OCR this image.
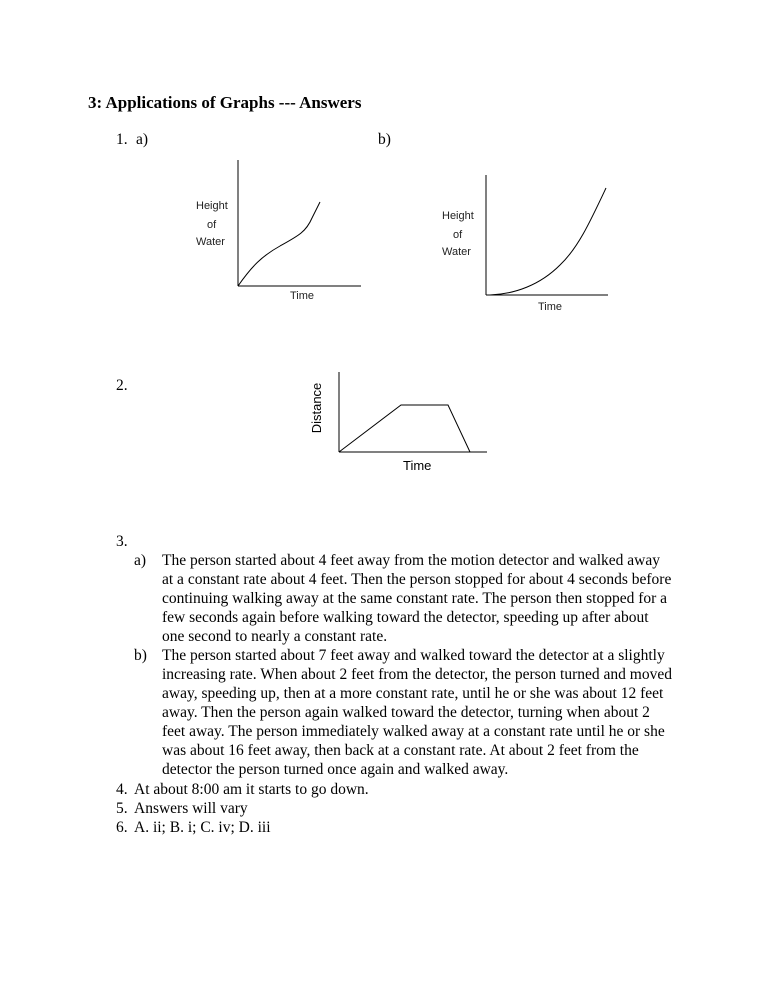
3: Applications of Graphs --- Answers
1. a)	b)
Height
of
Water
Time
Height
of
Water
Time
2.	Distance
Time
3.
a) The person started about 4 feet away from the motion detector and walked away at a constant rate about 4 feet. Then the person stopped for about 4 seconds before continuing walking away at the same constant rate. The person then stopped for a few seconds again before walking toward the detector, speeding up after about one second to nearly a constant rate.
b) The person started about 7 feet away and walked toward the detector at a slightly increasing rate. When about 2 feet from the detector, the person turned and moved away, speeding up, then at a more constant rate, until he or she was about 12 feet away. Then the person again walked toward the detector, turning when about 2 feet away. The person immediately walked away at a constant rate until he or she was about 16 feet away, then back at a constant rate. At about 2 feet from the detector the person turned once again and walked away.
4. At about 8:00 am it starts to go down.
5. Answers will vary
6. A. ii; B. i; C. iv; D. iii
